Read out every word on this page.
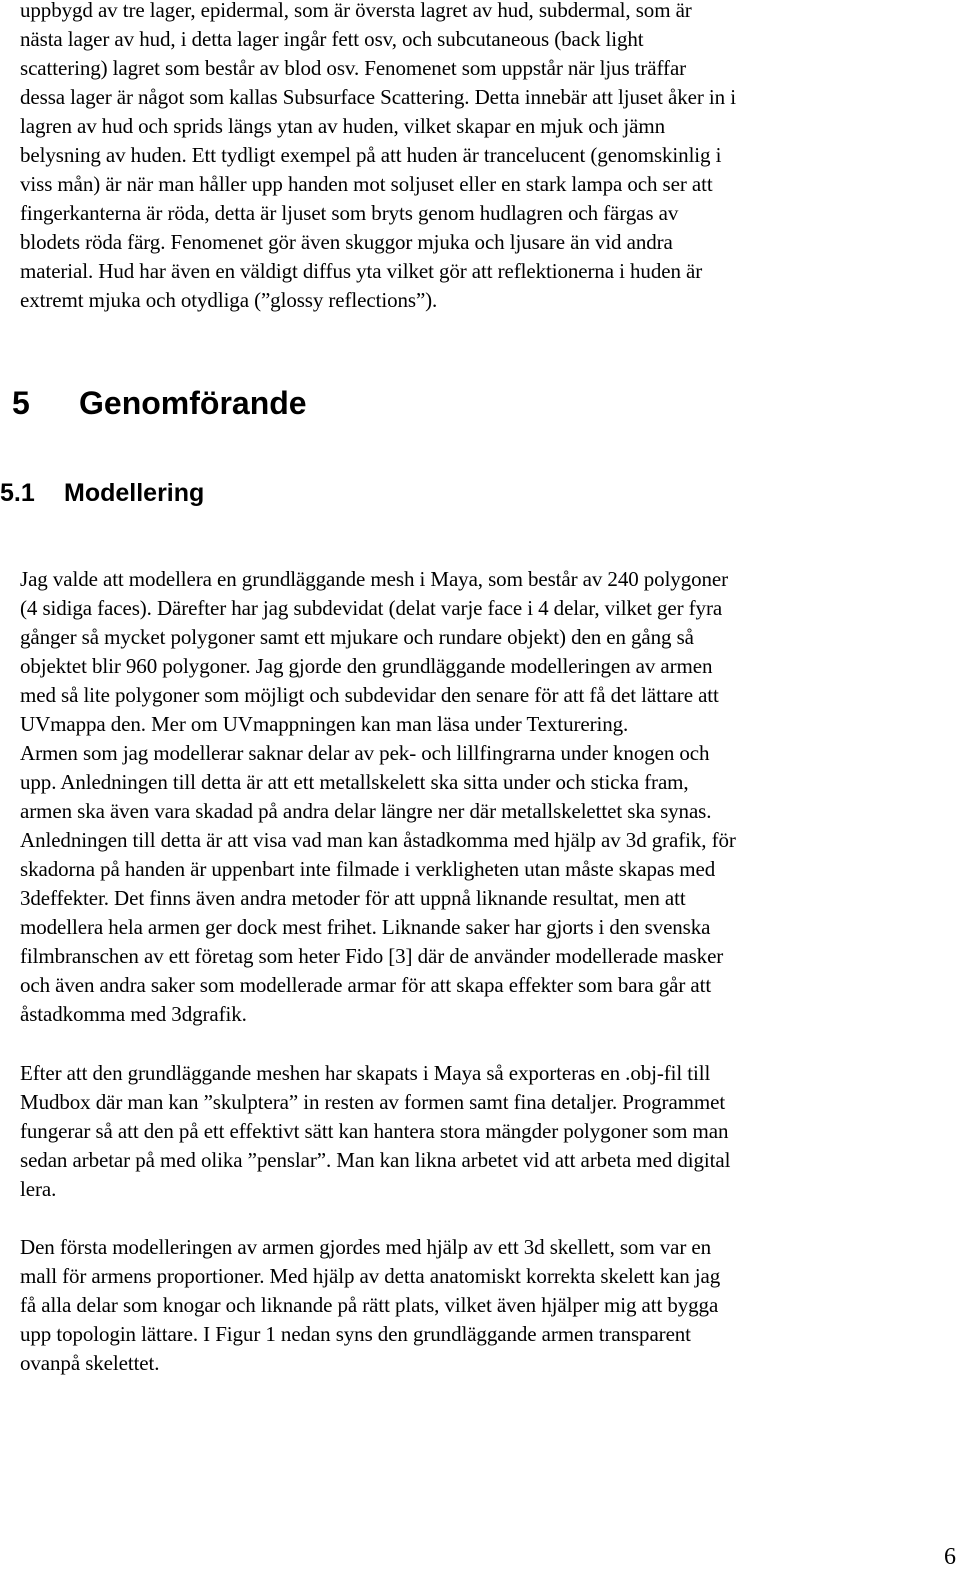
uppbygd av tre lager, epidermal, som är översta lagret av hud, subdermal, som är
nästa lager av hud, i detta lager ingår fett osv, och subcutaneous (back light
scattering) lagret som består av blod osv. Fenomenet som uppstår när ljus träffar
dessa lager är något som kallas Subsurface Scattering. Detta innebär att ljuset åker in i
lagren av hud och sprids längs ytan av huden, vilket skapar en mjuk och jämn
belysning av huden. Ett tydligt exempel på att huden är trancelucent (genomskinlig i
viss mån) är när man håller upp handen mot soljuset eller en stark lampa och ser att
fingerkanterna är röda, detta är ljuset som bryts genom hudlagren och färgas av
blodets röda färg. Fenomenet gör även skuggor mjuka och ljusare än vid andra
material. Hud har även en väldigt diffus yta vilket gör att reflektionerna i huden är
extremt mjuka och otydliga (”glossy reflections”).

5 Genomförande
5.1 Modellering

Jag valde att modellera en grundläggande mesh i Maya, som består av 240 polygoner
(4 sidiga faces). Därefter har jag subdevidat (delat varje face i 4 delar, vilket ger fyra
gånger så mycket polygoner samt ett mjukare och rundare objekt) den en gång så
objektet blir 960 polygoner. Jag gjorde den grundläggande modelleringen av armen
med så lite polygoner som möjligt och subdevidar den senare för att få det lättare att
UVmappa den. Mer om UVmappningen kan man läsa under Texturering.
Armen som jag modellerar saknar delar av pek- och lillfingrarna under knogen och
upp. Anledningen till detta är att ett metallskelett ska sitta under och sticka fram,
armen ska även vara skadad på andra delar längre ner där metallskelettet ska synas.
Anledningen till detta är att visa vad man kan åstadkomma med hjälp av 3d grafik, för
skadorna på handen är uppenbart inte filmade i verkligheten utan måste skapas med
3deffekter. Det finns även andra metoder för att uppnå liknande resultat, men att
modellera hela armen ger dock mest frihet. Liknande saker har gjorts i den svenska
filmbranschen av ett företag som heter Fido [3] där de använder modellerade masker
och även andra saker som modellerade armar för att skapa effekter som bara går att
åstadkomma med 3dgrafik.

Efter att den grundläggande meshen har skapats i Maya så exporteras en .obj-fil till
Mudbox där man kan ”skulptera” in resten av formen samt fina detaljer. Programmet
fungerar så att den på ett effektivt sätt kan hantera stora mängder polygoner som man
sedan arbetar på med olika ”penslar”. Man kan likna arbetet vid att arbeta med digital
lera.

Den första modelleringen av armen gjordes med hjälp av ett 3d skellett, som var en
mall för armens proportioner. Med hjälp av detta anatomiskt korrekta skelett kan jag
få alla delar som knogar och liknande på rätt plats, vilket även hjälper mig att bygga
upp topologin lättare. I Figur 1 nedan syns den grundläggande armen transparent
ovanpå skelettet.

6
